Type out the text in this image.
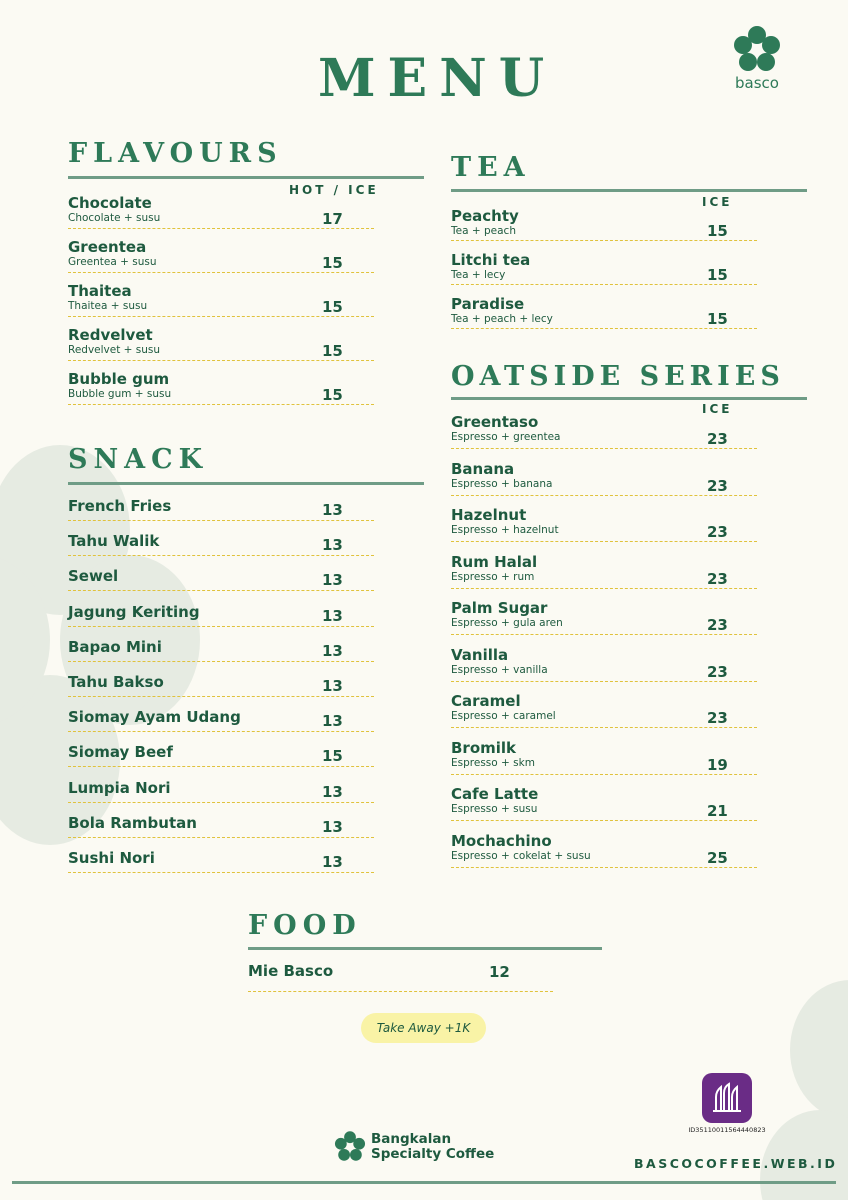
MENU	basco
FLAVOURS
HOT / ICE
Chocolate
Chocolate + susu	17
Greentea
Greentea + susu	15
Thaitea
Thaitea + susu	15
Redvelvet
Redvelvet + susu	15
Bubble gum
Bubble gum + susu	15
SNACK
French Fries	13
Tahu Walik	13
Sewel	13
Jagung Keriting	13
Bapao Mini	13
Tahu Bakso	13
Siomay Ayam Udang	13
Siomay Beef	15
Lumpia Nori	13
Bola Rambutan	13
Sushi Nori	13
TEA
ICE
Peachty
Tea + peach	15
Litchi tea
Tea + lecy	15
Paradise
Tea + peach + lecy	15
OATSIDE SERIES
ICE
Greentaso
Espresso + greentea	23
Banana
Espresso + banana	23
Hazelnut
Espresso + hazelnut	23
Rum Halal
Espresso + rum	23
Palm Sugar
Espresso + gula aren	23
Vanilla
Espresso + vanilla	23
Caramel
Espresso + caramel	23
Bromilk
Espresso + skm	19
Cafe Latte
Espresso + susu	21
Mochachino
Espresso + cokelat + susu	25
FOOD
Mie Basco	12
Take Away +1K
ID35110011564440823
Bangkalan
Specialty Coffee
BASCOCOFFEE.WEB.ID
